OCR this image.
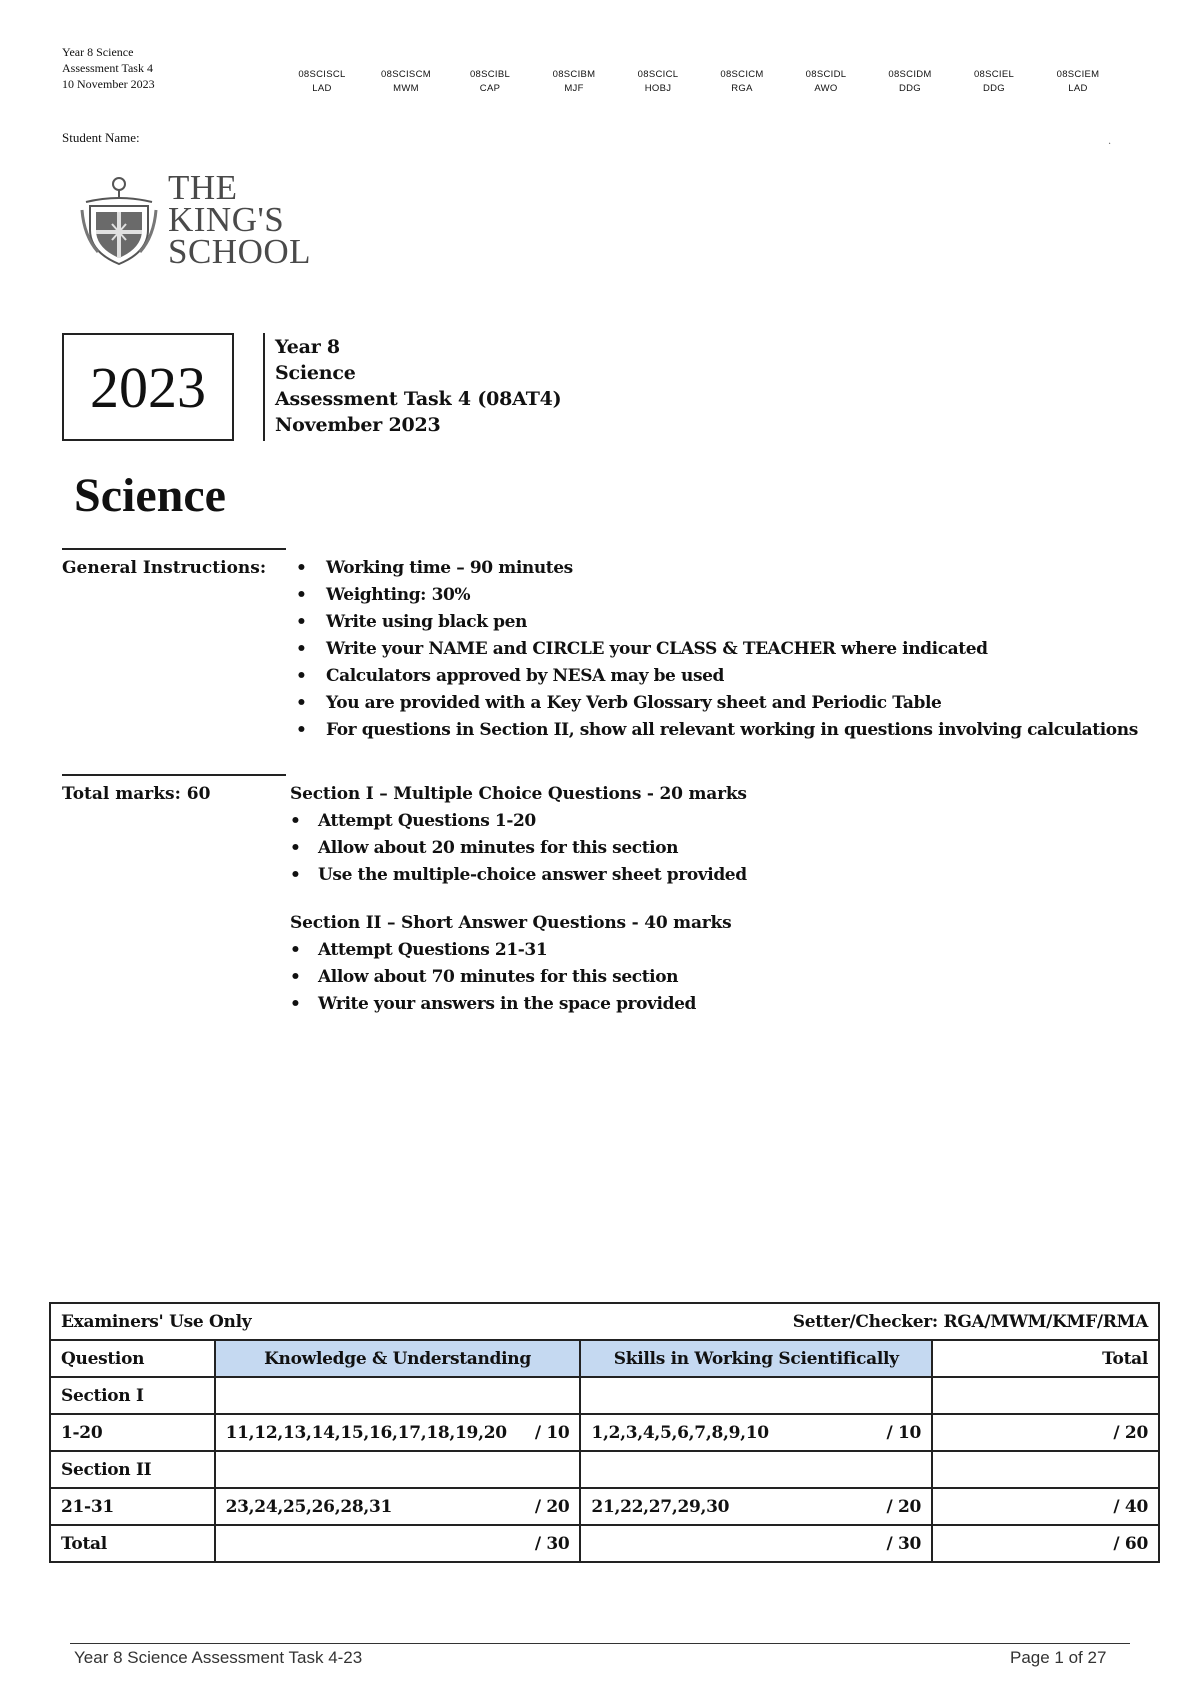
Year 8 Science
Assessment Task 4
10 November 2023
08SCISCL
LAD
08SCISCM
MWM
08SCIBL
CAP
08SCIBM
MJF
08SCICL
HOBJ
08SCICM
RGA
08SCIDL
AWO
08SCIDM
DDG
08SCIEL
DDG
08SCIEM
LAD
Student Name:	.
THE
KING'S
SCHOOL
2023
Year 8
Science
Assessment Task 4 (08AT4)
November 2023
Science
General Instructions:	• Working time – 90 minutes
• Weighting: 30%
• Write using black pen
• Write your NAME and CIRCLE your CLASS & TEACHER where indicated
• Calculators approved by NESA may be used
• You are provided with a Key Verb Glossary sheet and Periodic Table
• For questions in Section II, show all relevant working in questions involving calculations
Total marks: 60	Section I – Multiple Choice Questions - 20 marks
• Attempt Questions 1-20
• Allow about 20 minutes for this section
• Use the multiple-choice answer sheet provided
Section II – Short Answer Questions - 40 marks
• Attempt Questions 21-31
• Allow about 70 minutes for this section
• Write your answers in the space provided
Examiners' Use Only Setter/Checker: RGA/MWM/KMF/RMA			

Question	Knowledge & Understanding	Skills in Working Scientifically	Total
Section I			
1-20	11,12,13,14,15,16,17,18,19,20 / 10	1,2,3,4,5,6,7,8,9,10 / 10	/ 20
Section II			
21-31	23,24,25,26,28,31 / 20	21,22,27,29,30 / 20	/ 40
Total	/ 30	/ 30	/ 60
Year 8 Science Assessment Task 4-23	Page 1 of 27
